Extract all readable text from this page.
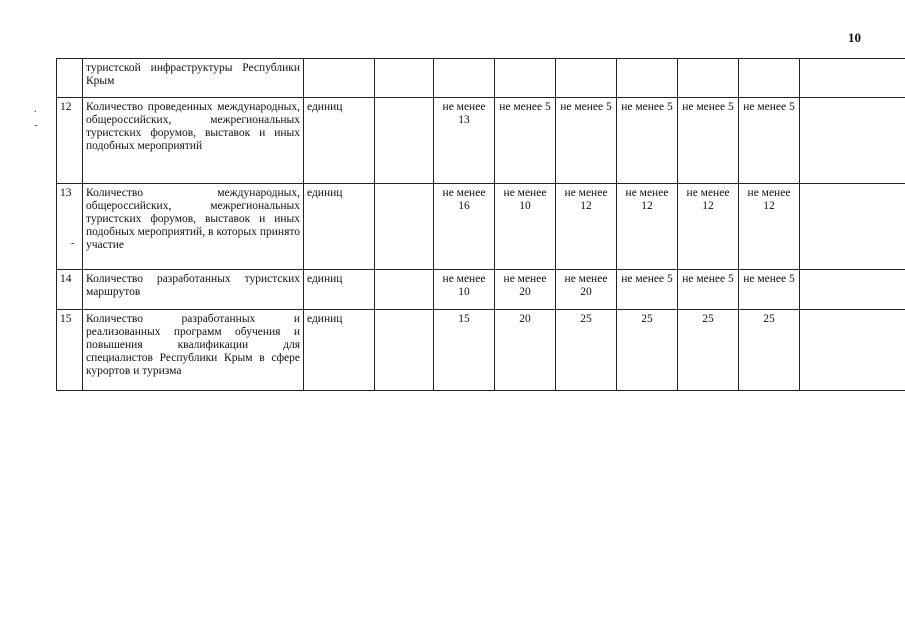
10
.
-
-
	туристской инфраструктуры Республики Крым									
12	Количество проведенных международных, общероссийских, межрегиональных туристских форумов, выставок и иных подобных мероприятий	единиц		не менее 13	не менее 5	не менее 5	не менее 5	не менее 5	не менее 5	
13	Количество международных, общероссийских, межрегиональных туристских форумов, выставок и иных подобных мероприятий, в которых принято участие	единиц		не менее 16	не менее 10	не менее 12	не менее 12	не менее 12	не менее 12	
14	Количество разработанных туристских маршрутов	единиц		не менее 10	не менее 20	не менее 20	не менее 5	не менее 5	не менее 5	
15	Количество разработанных и реализованных программ обучения и повышения квалификации для специалистов Республики Крым в сфере курортов и туризма	единиц		15	20	25	25	25	25	
